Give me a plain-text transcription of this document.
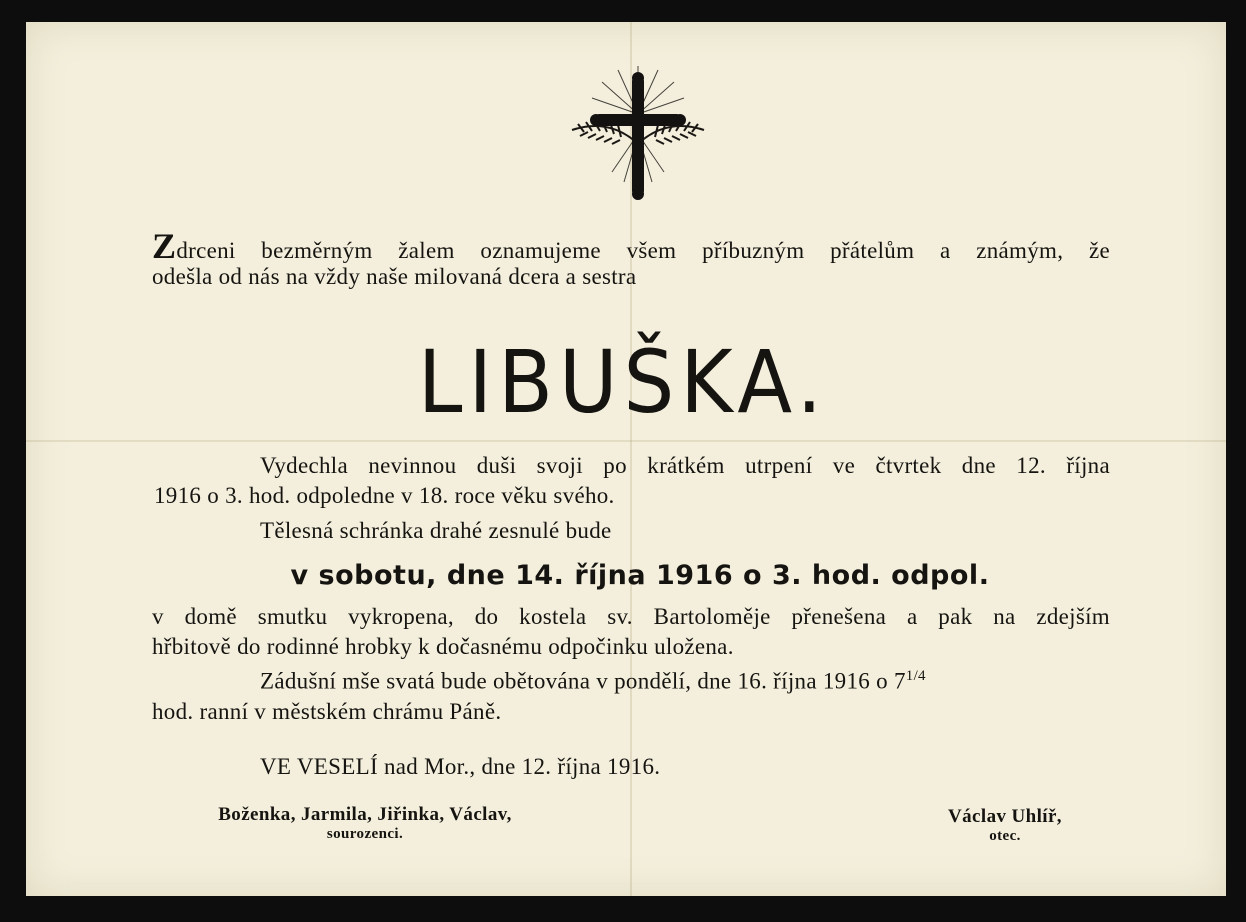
Zdrceni bezměrným žalem oznamujeme všem příbuzným přátelům a známým, že
odešla od nás na vždy naše milovaná dcera a sestra
LIBUŠKA.
Vydechla nevinnou duši svoji po krátkém utrpení ve čtvrtek dne 12. října
1916 o 3. hod. odpoledne v 18. roce věku svého.
Tělesná schránka drahé zesnulé bude
v sobotu, dne 14. října 1916 o 3. hod. odpol.
v domě smutku vykropena, do kostela sv. Bartoloměje přenešena a pak na zdejším
hřbitově do rodinné hrobky k dočasnému odpočinku uložena.
Zádušní mše svatá bude obětována v pondělí, dne 16. října 1916 o $7^{1/4}$
hod. ranní v městském chrámu Páně.
VE VESELÍ nad Mor., dne 12. října 1916.
Boženka, Jarmila, Jiřinka, Václav,
sourozenci.
Václav Uhlíř,
otec.
